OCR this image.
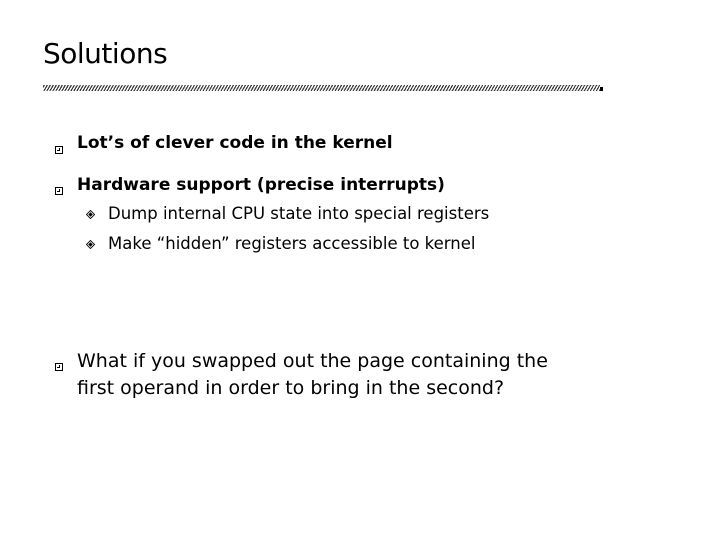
Solutions
Lot’s of clever code in the kernel
Hardware support (precise interrupts)
Dump internal CPU state into special registers
Make “hidden” registers accessible to kernel
What if you swapped out the page containing the
first operand in order to bring in the second?
